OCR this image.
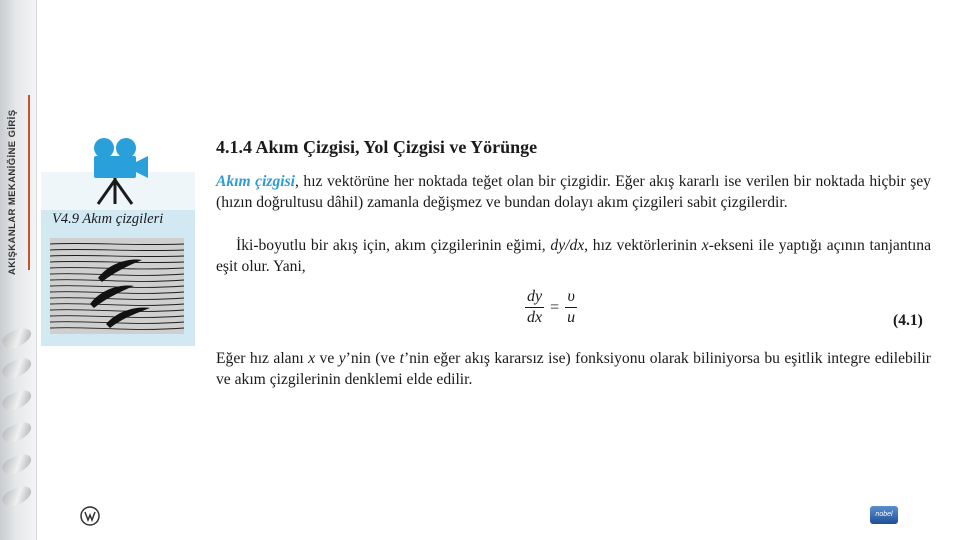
AKIŞKANLAR MEKANİĞİNE GİRİŞ	V4.9 Akım çizgileri
4.1.4 Akım Çizgisi, Yol Çizgisi ve Yörünge

Akım çizgisi, hız vektörüne her noktada teğet olan bir çizgidir. Eğer akış kararlı ise verilen bir noktada hiçbir şey (hızın doğrultusu dâhil) zamanla değişmez ve bundan dolayı akım çizgileri sabit çizgilerdir.

İki-boyutlu bir akış için, akım çizgilerinin eğimi, dy/dx, hız vektörlerinin x-ekseni ile yaptığı açının tanjantına eşit olur. Yani,

$\frac{dy}{dx} = \frac{\upsilon}{u}$	(4.1)

Eğer hız alanı x ve y’nin (ve t’nin eğer akış kararsız ise) fonksiyonu olarak biliniyorsa bu eşitlik integre edilebilir ve akım çizgilerinin denklemi elde edilir.

nobel
